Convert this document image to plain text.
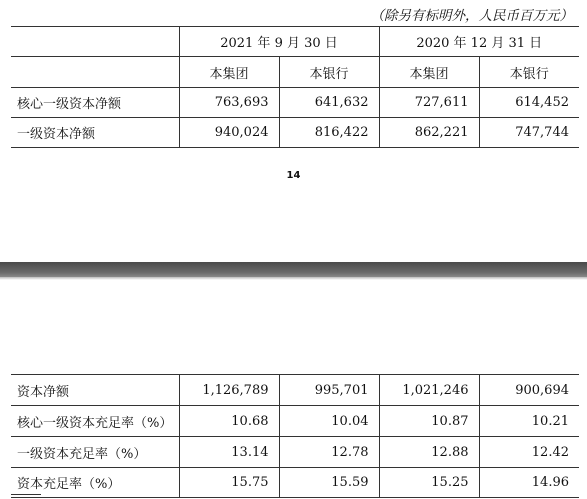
（除另有标明外，人民币百万元）
	2021 年 9 月 30 日		2020 年 12 月 31 日	
	本集团	本银行	本集团	本银行
核心一级资本净额	763,693	641,632	727,611	614,452
一级资本净额	940,024	816,422	862,221	747,744
14
资本净额	1,126,789	995,701	1,021,246	900,694
核心一级资本充足率（%）	10.68	10.04	10.87	10.21
一级资本充足率（%）	13.14	12.78	12.88	12.42
资本充足率（%）	15.75	15.59	15.25	14.96
